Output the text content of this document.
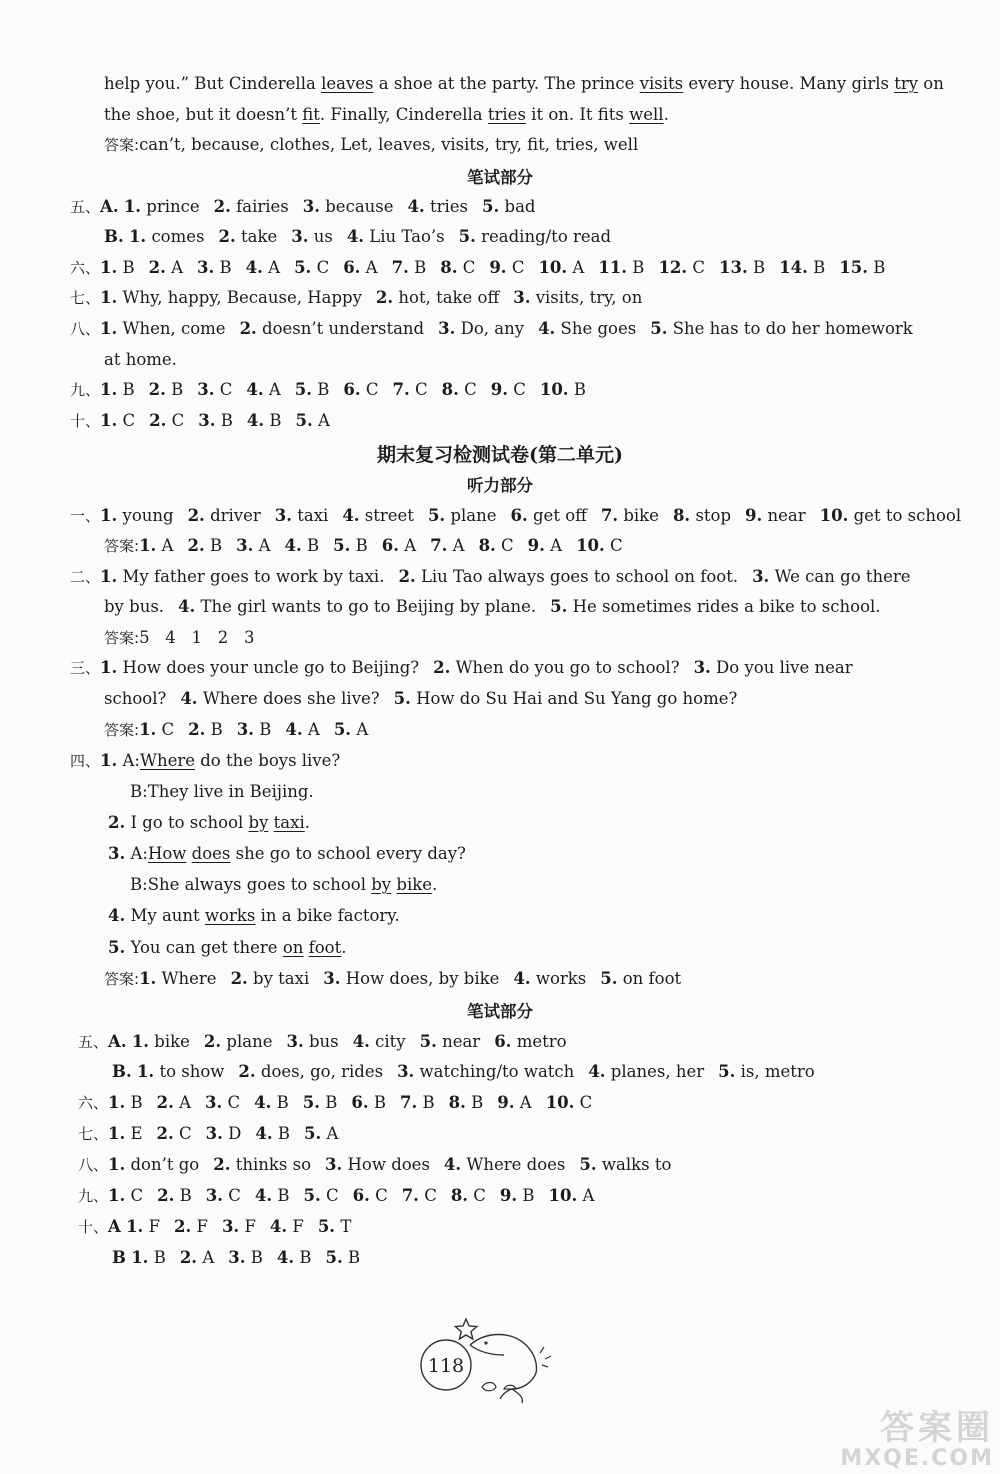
help you.” But Cinderella leaves a shoe at the party. The prince visits every house. Many girls try on
the shoe, but it doesn’t fit. Finally, Cinderella tries it on. It fits well.
答案:can’t, because, clothes, Let, leaves, visits, try, fit, tries, well
笔试部分
五、A. 1. prince 2. fairies 3. because 4. tries 5. bad
B. 1. comes 2. take 3. us 4. Liu Tao’s 5. reading/to read
六、1. B 2. A 3. B 4. A 5. C 6. A 7. B 8. C 9. C 10. A 11. B 12. C 13. B 14. B 15. B
七、1. Why, happy, Because, Happy 2. hot, take off 3. visits, try, on
八、1. When, come 2. doesn’t understand 3. Do, any 4. She goes 5. She has to do her homework
at home.
九、1. B 2. B 3. C 4. A 5. B 6. C 7. C 8. C 9. C 10. B
十、1. C 2. C 3. B 4. B 5. A
期末复习检测试卷(第二单元)
听力部分
一、1. young 2. driver 3. taxi 4. street 5. plane 6. get off 7. bike 8. stop 9. near 10. get to school
答案:1. A 2. B 3. A 4. B 5. B 6. A 7. A 8. C 9. A 10. C
二、1. My father goes to work by taxi. 2. Liu Tao always goes to school on foot. 3. We can go there
by bus. 4. The girl wants to go to Beijing by plane. 5. He sometimes rides a bike to school.
答案:5   4   1   2   3
三、1. How does your uncle go to Beijing? 2. When do you go to school? 3. Do you live near
school? 4. Where does she live? 5. How do Su Hai and Su Yang go home?
答案:1. C 2. B 3. B 4. A 5. A
四、1. A:Where do the boys live?
B:They live in Beijing.
2. I go to school by taxi.
3. A:How does she go to school every day?
B:She always goes to school by bike.
4. My aunt works in a bike factory.
5. You can get there on foot.
答案:1. Where 2. by taxi 3. How does, by bike 4. works 5. on foot
笔试部分
五、A. 1. bike 2. plane 3. bus 4. city 5. near 6. metro
B. 1. to show 2. does, go, rides 3. watching/to watch 4. planes, her 5. is, metro
六、1. B 2. A 3. C 4. B 5. B 6. B 7. B 8. B 9. A 10. C
七、1. E 2. C 3. D 4. B 5. A
八、1. don’t go 2. thinks so 3. How does 4. Where does 5. walks to
九、1. C 2. B 3. C 4. B 5. C 6. C 7. C 8. C 9. B 10. A
十、A 1. F 2. F 3. F 4. F 5. T
B 1. B 2. A 3. B 4. B 5. B
118
答案圈
MXQE.COM
